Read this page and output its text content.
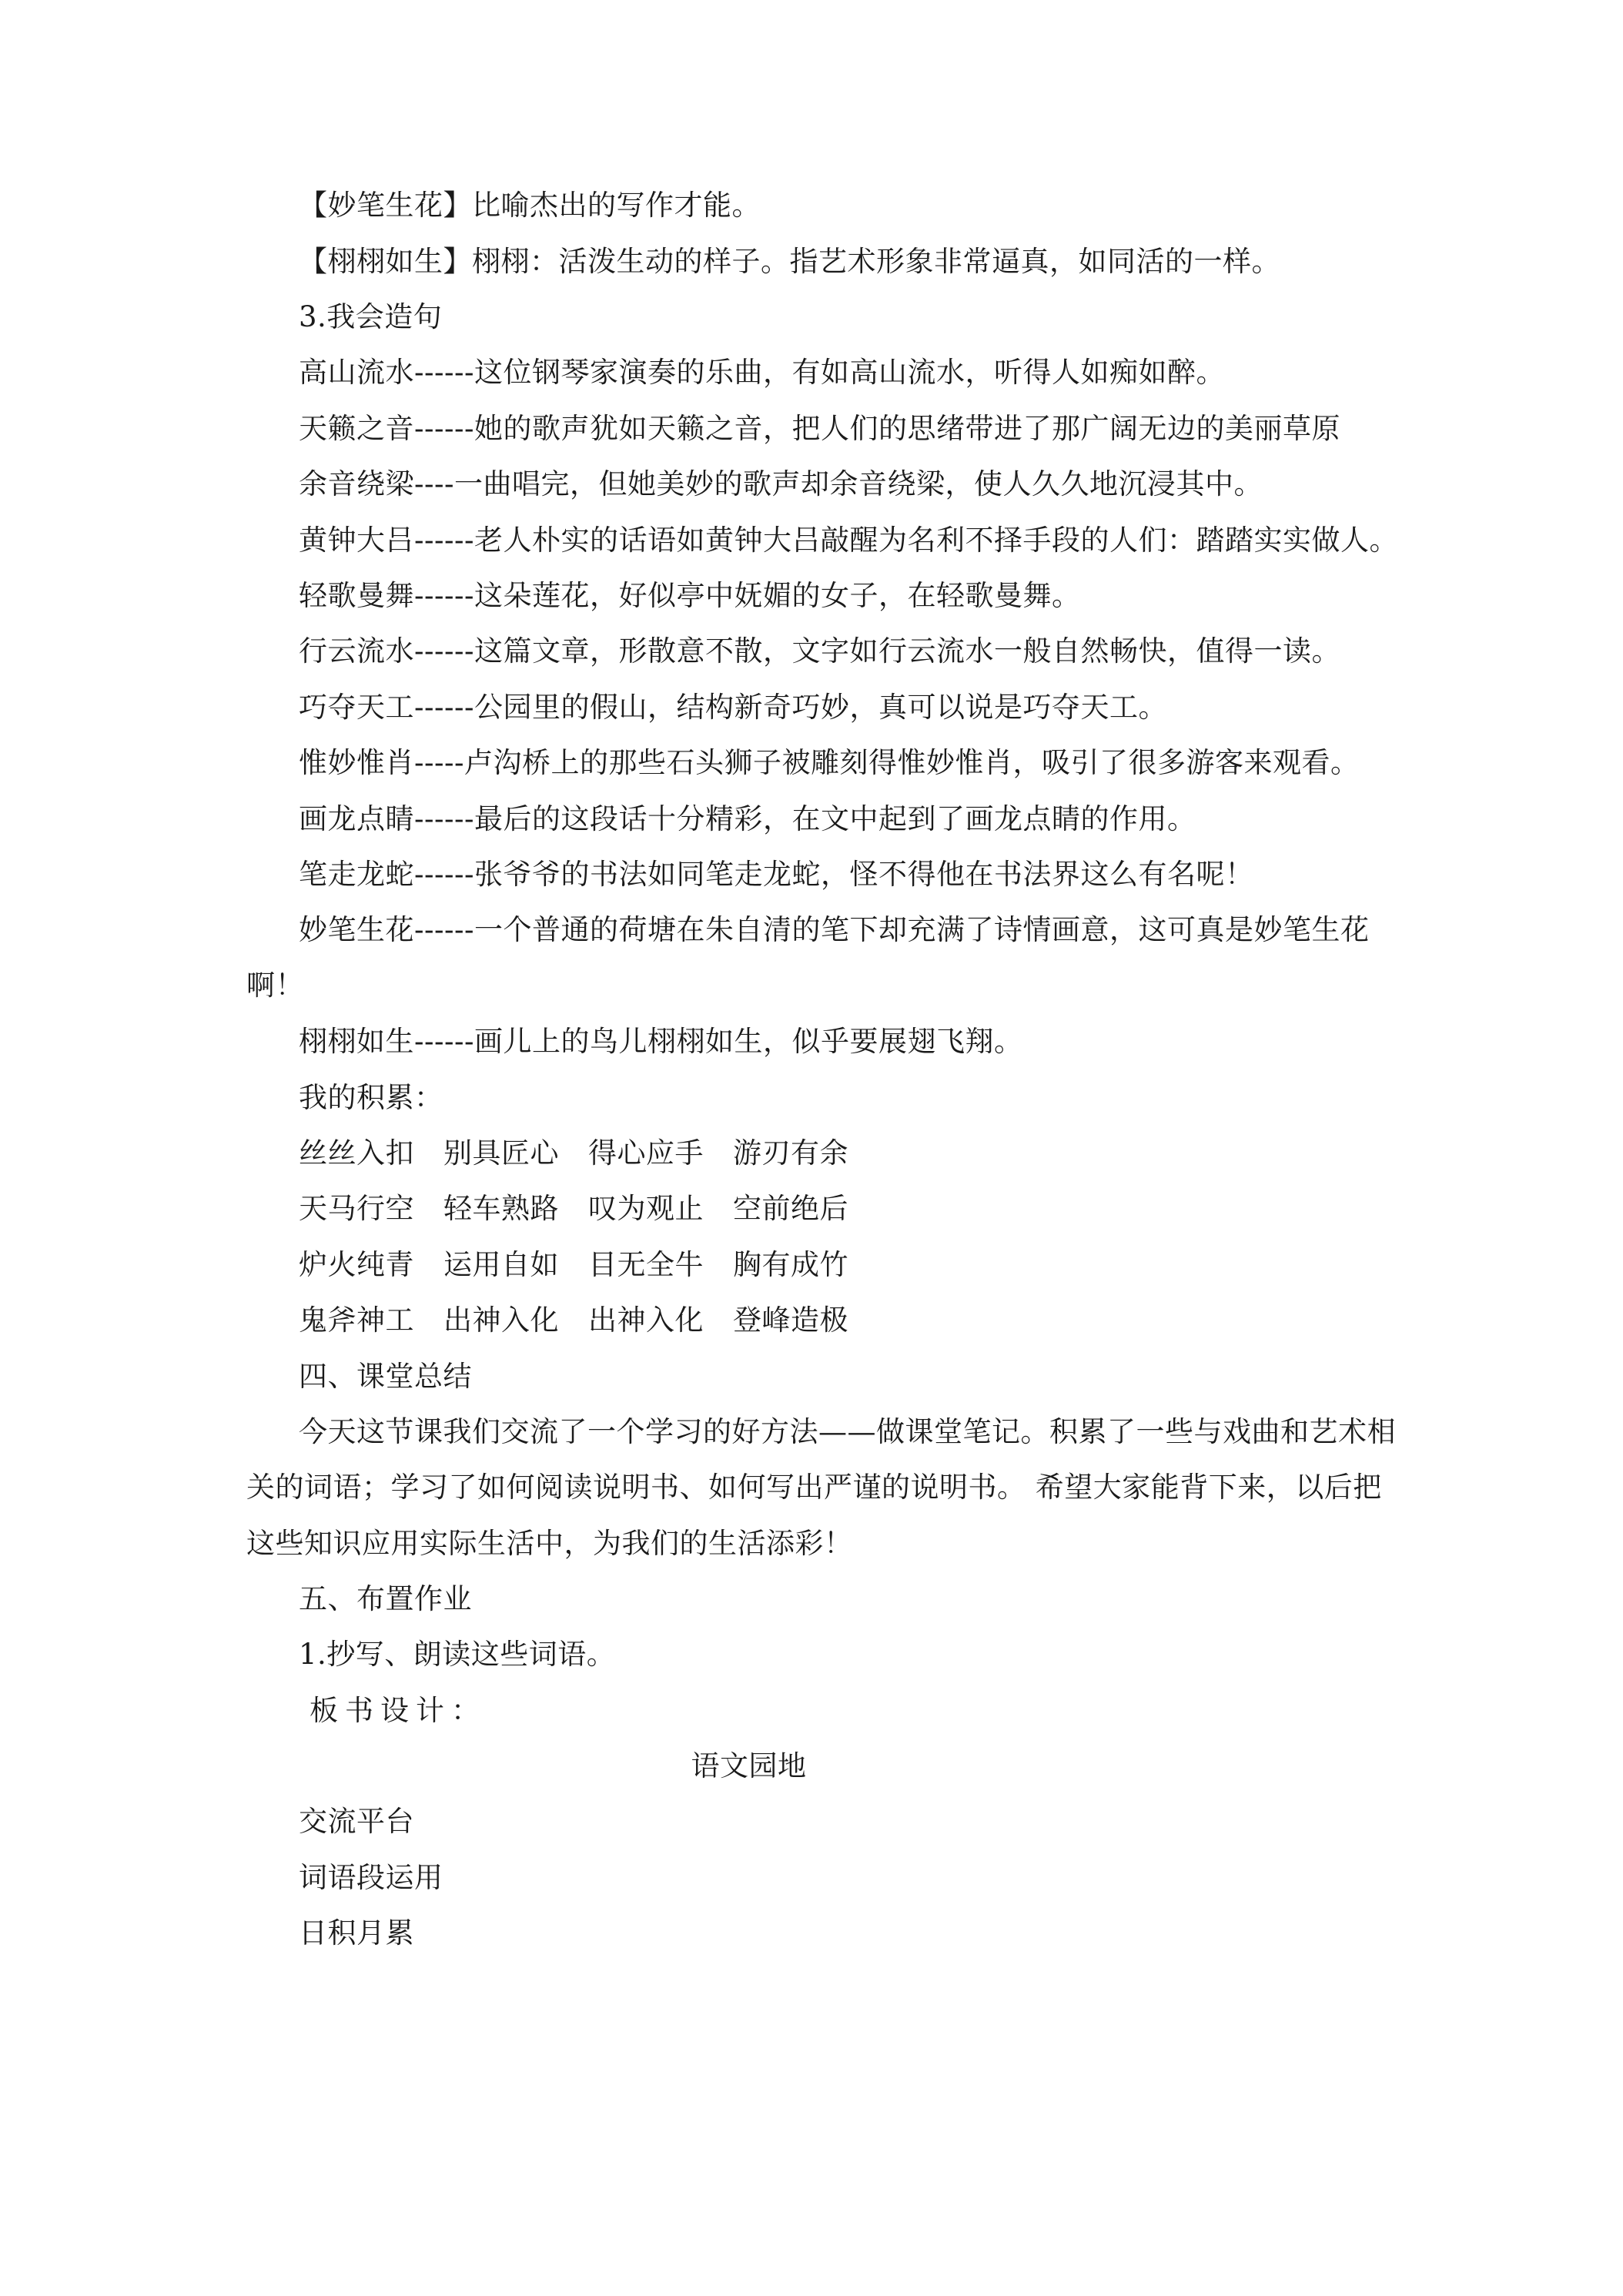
【妙笔生花】比喻杰出的写作才能。
【栩栩如生】栩栩：活泼生动的样子。指艺术形象非常逼真，如同活的一样。
3.我会造句
高山流水------这位钢琴家演奏的乐曲，有如高山流水，听得人如痴如醉。
天籁之音------她的歌声犹如天籁之音，把人们的思绪带进了那广阔无边的美丽草原
余音绕梁----一曲唱完，但她美妙的歌声却余音绕梁，使人久久地沉浸其中。
黄钟大吕------老人朴实的话语如黄钟大吕敲醒为名利不择手段的人们：踏踏实实做人。
轻歌曼舞------这朵莲花，好似亭中妩媚的女子，在轻歌曼舞。
行云流水------这篇文章，形散意不散，文字如行云流水一般自然畅快，值得一读。
巧夺天工------公园里的假山，结构新奇巧妙，真可以说是巧夺天工。
惟妙惟肖-----卢沟桥上的那些石头狮子被雕刻得惟妙惟肖，吸引了很多游客来观看。
画龙点睛------最后的这段话十分精彩，在文中起到了画龙点睛的作用。
笔走龙蛇------张爷爷的书法如同笔走龙蛇，怪不得他在书法界这么有名呢！
妙笔生花------一个普通的荷塘在朱自清的笔下却充满了诗情画意，这可真是妙笔生花
啊！
栩栩如生------画儿上的鸟儿栩栩如生，似乎要展翅飞翔。
我的积累：
丝丝入扣 别具匠心 得心应手 游刃有余
天马行空 轻车熟路 叹为观止 空前绝后
炉火纯青 运用自如 目无全牛 胸有成竹
鬼斧神工 出神入化 出神入化 登峰造极
四、课堂总结
今天这节课我们交流了一个学习的好方法——做课堂笔记。积累了一些与戏曲和艺术相
关的词语；学习了如何阅读说明书、如何写出严谨的说明书。 希望大家能背下来，以后把
这些知识应用实际生活中，为我们的生活添彩！
五、布置作业
1.抄写、朗读这些词语。
板书设计：
语文园地
交流平台
词语段运用
日积月累
